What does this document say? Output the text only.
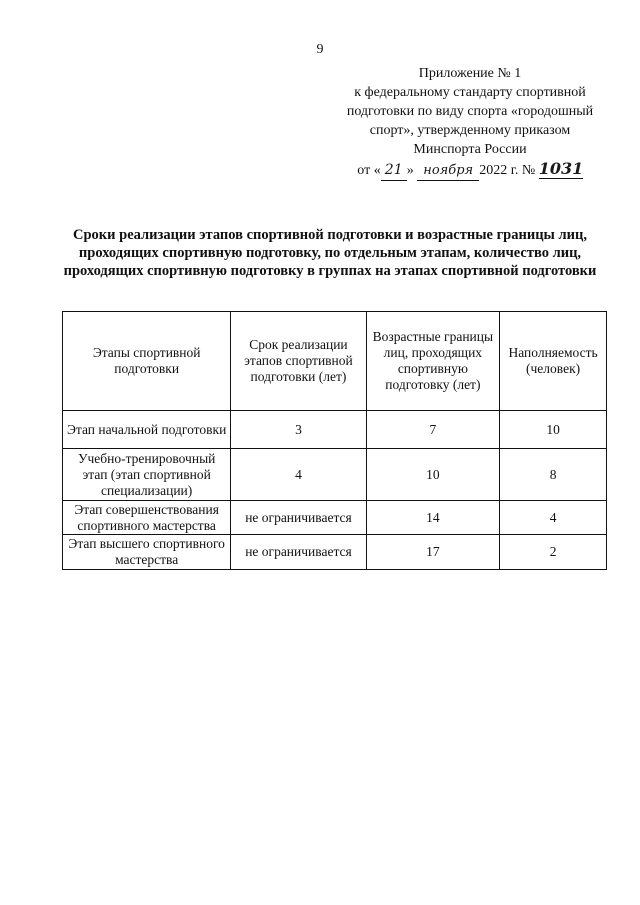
9
Приложение № 1
к федеральному стандарту спортивной
подготовки по виду спорта «городошный
спорт», утвержденному приказом
Минспорта России
от « 21 » ноября 2022 г. № 1031
Сроки реализации этапов спортивной подготовки и возрастные границы лиц, проходящих спортивную подготовку, по отдельным этапам, количество лиц, проходящих спортивную подготовку в группах на этапах спортивной подготовки
Этапы спортивной подготовки	Срок реализации этапов спортивной подготовки (лет)	Возрастные границы лиц, проходящих спортивную подготовку (лет)	Наполняемость (человек)
Этап начальной подготовки	3	7	10
Учебно-тренировочный этап (этап спортивной специализации)	4	10	8
Этап совершенствования спортивного мастерства	не ограничивается	14	4
Этап высшего спортивного мастерства	не ограничивается	17	2
